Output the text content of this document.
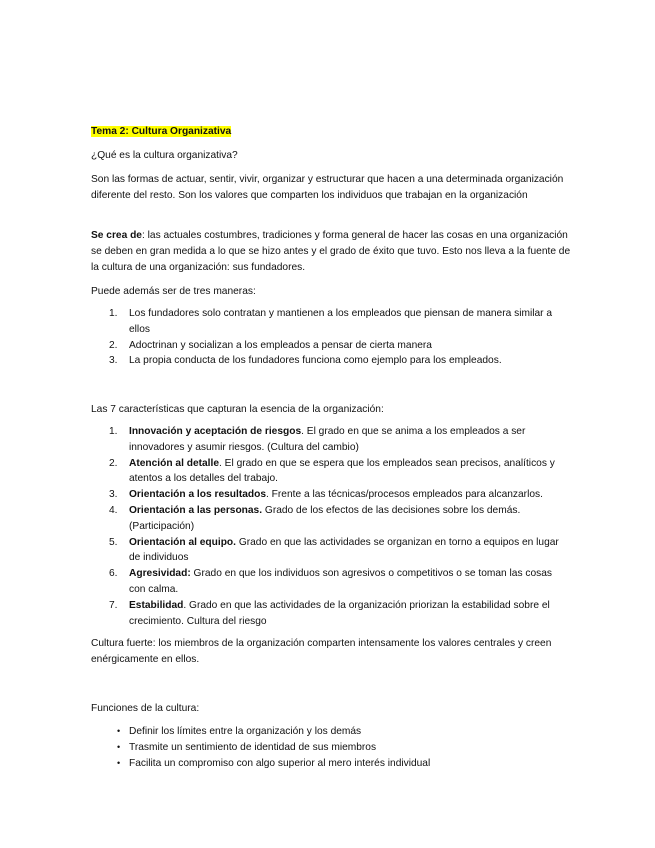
Tema 2: Cultura Organizativa

¿Qué es la cultura organizativa?

Son las formas de actuar, sentir, vivir, organizar y estructurar que hacen a una determinada organización diferente del resto. Son los valores que comparten los individuos que trabajan en la organización

Se crea de: las actuales costumbres, tradiciones y forma general de hacer las cosas en una organización se deben en gran medida a lo que se hizo antes y el grado de éxito que tuvo. Esto nos lleva a la fuente de la cultura de una organización: sus fundadores.

Puede además ser de tres maneras:

1. Los fundadores solo contratan y mantienen a los empleados que piensan de manera similar a ellos
2. Adoctrinan y socializan a los empleados a pensar de cierta manera
3. La propia conducta de los fundadores funciona como ejemplo para los empleados.

Las 7 características que capturan la esencia de la organización:

1. Innovación y aceptación de riesgos. El grado en que se anima a los empleados a ser innovadores y asumir riesgos. (Cultura del cambio)
2. Atención al detalle. El grado en que se espera que los empleados sean precisos, analíticos y atentos a los detalles del trabajo.
3. Orientación a los resultados. Frente a las técnicas/procesos empleados para alcanzarlos.
4. Orientación a las personas. Grado de los efectos de las decisiones sobre los demás. (Participación)
5. Orientación al equipo. Grado en que las actividades se organizan en torno a equipos en lugar de individuos
6. Agresividad: Grado en que los individuos son agresivos o competitivos o se toman las cosas con calma.
7. Estabilidad. Grado en que las actividades de la organización priorizan la estabilidad sobre el crecimiento. Cultura del riesgo

Cultura fuerte: los miembros de la organización comparten intensamente los valores centrales y creen enérgicamente en ellos.

Funciones de la cultura:

• Definir los límites entre la organización y los demás
• Trasmite un sentimiento de identidad de sus miembros
• Facilita un compromiso con algo superior al mero interés individual
